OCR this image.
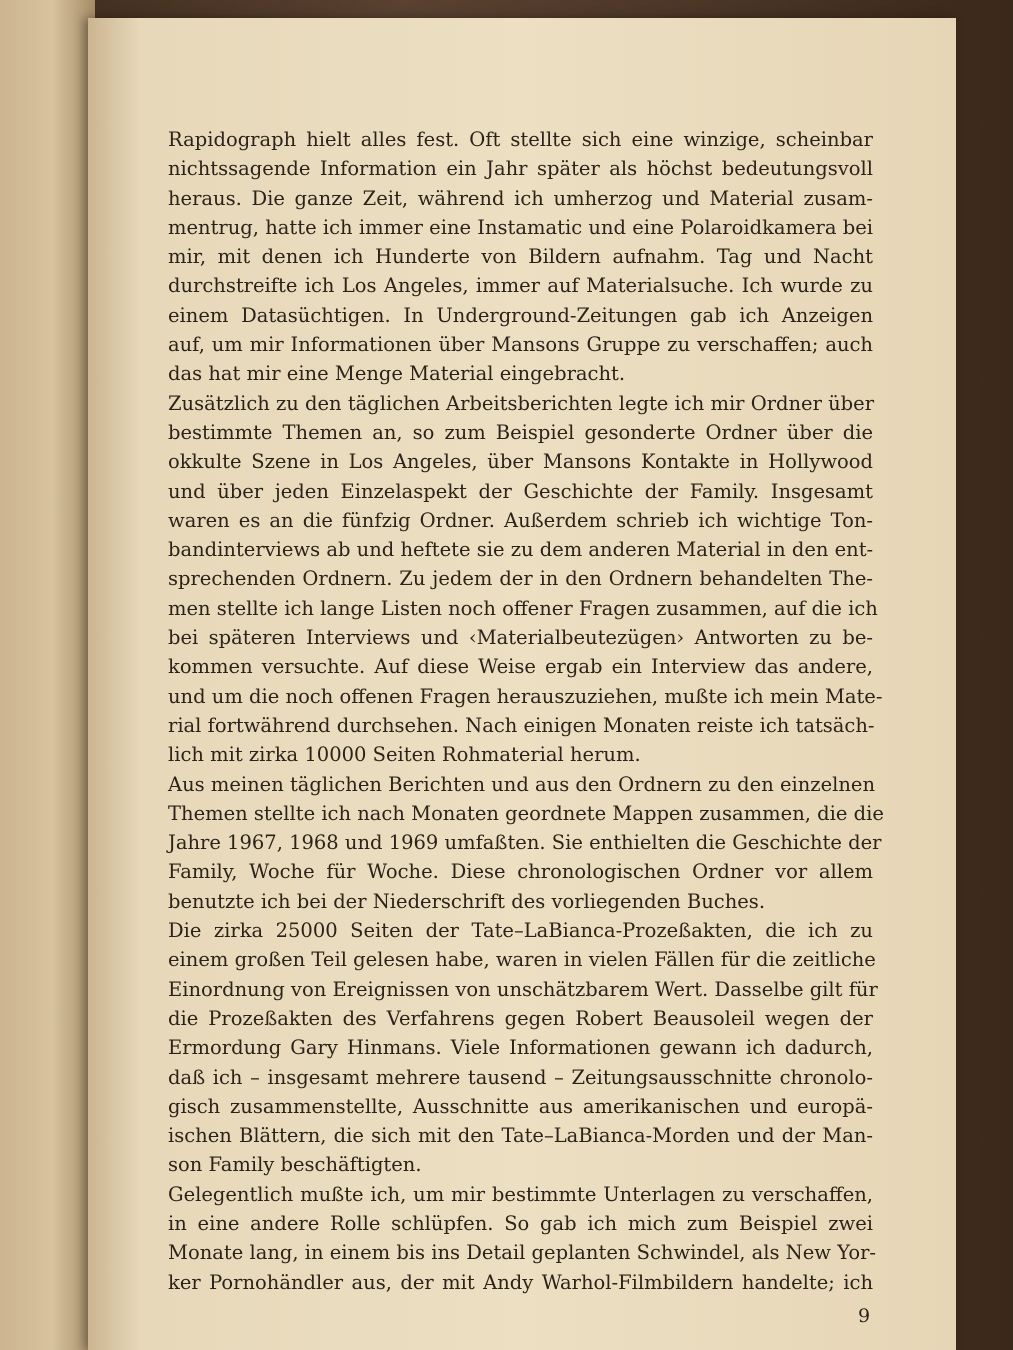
Rapidograph hielt alles fest. Oft stellte sich eine winzige, scheinbar
nichtssagende Information ein Jahr später als höchst bedeutungsvoll
heraus. Die ganze Zeit, während ich umherzog und Material zusam-
mentrug, hatte ich immer eine Instamatic und eine Polaroidkamera bei
mir, mit denen ich Hunderte von Bildern aufnahm. Tag und Nacht
durchstreifte ich Los Angeles, immer auf Materialsuche. Ich wurde zu
einem Datasüchtigen. In Underground-Zeitungen gab ich Anzeigen
auf, um mir Informationen über Mansons Gruppe zu verschaffen; auch
das hat mir eine Menge Material eingebracht.
Zusätzlich zu den täglichen Arbeitsberichten legte ich mir Ordner über
bestimmte Themen an, so zum Beispiel gesonderte Ordner über die
okkulte Szene in Los Angeles, über Mansons Kontakte in Hollywood
und über jeden Einzelaspekt der Geschichte der Family. Insgesamt
waren es an die fünfzig Ordner. Außerdem schrieb ich wichtige Ton-
bandinterviews ab und heftete sie zu dem anderen Material in den ent-
sprechenden Ordnern. Zu jedem der in den Ordnern behandelten The-
men stellte ich lange Listen noch offener Fragen zusammen, auf die ich
bei späteren Interviews und ‹Materialbeutezügen› Antworten zu be-
kommen versuchte. Auf diese Weise ergab ein Interview das andere,
und um die noch offenen Fragen herauszuziehen, mußte ich mein Mate-
rial fortwährend durchsehen. Nach einigen Monaten reiste ich tatsäch-
lich mit zirka 10000 Seiten Rohmaterial herum.
Aus meinen täglichen Berichten und aus den Ordnern zu den einzelnen
Themen stellte ich nach Monaten geordnete Mappen zusammen, die die
Jahre 1967, 1968 und 1969 umfaßten. Sie enthielten die Geschichte der
Family, Woche für Woche. Diese chronologischen Ordner vor allem
benutzte ich bei der Niederschrift des vorliegenden Buches.
Die zirka 25000 Seiten der Tate–LaBianca-Prozeßakten, die ich zu
einem großen Teil gelesen habe, waren in vielen Fällen für die zeitliche
Einordnung von Ereignissen von unschätzbarem Wert. Dasselbe gilt für
die Prozeßakten des Verfahrens gegen Robert Beausoleil wegen der
Ermordung Gary Hinmans. Viele Informationen gewann ich dadurch,
daß ich – insgesamt mehrere tausend – Zeitungsausschnitte chronolo-
gisch zusammenstellte, Ausschnitte aus amerikanischen und europä-
ischen Blättern, die sich mit den Tate–LaBianca-Morden und der Man-
son Family beschäftigten.
Gelegentlich mußte ich, um mir bestimmte Unterlagen zu verschaffen,
in eine andere Rolle schlüpfen. So gab ich mich zum Beispiel zwei
Monate lang, in einem bis ins Detail geplanten Schwindel, als New Yor-
ker Pornohändler aus, der mit Andy Warhol-Filmbildern handelte; ich
9
